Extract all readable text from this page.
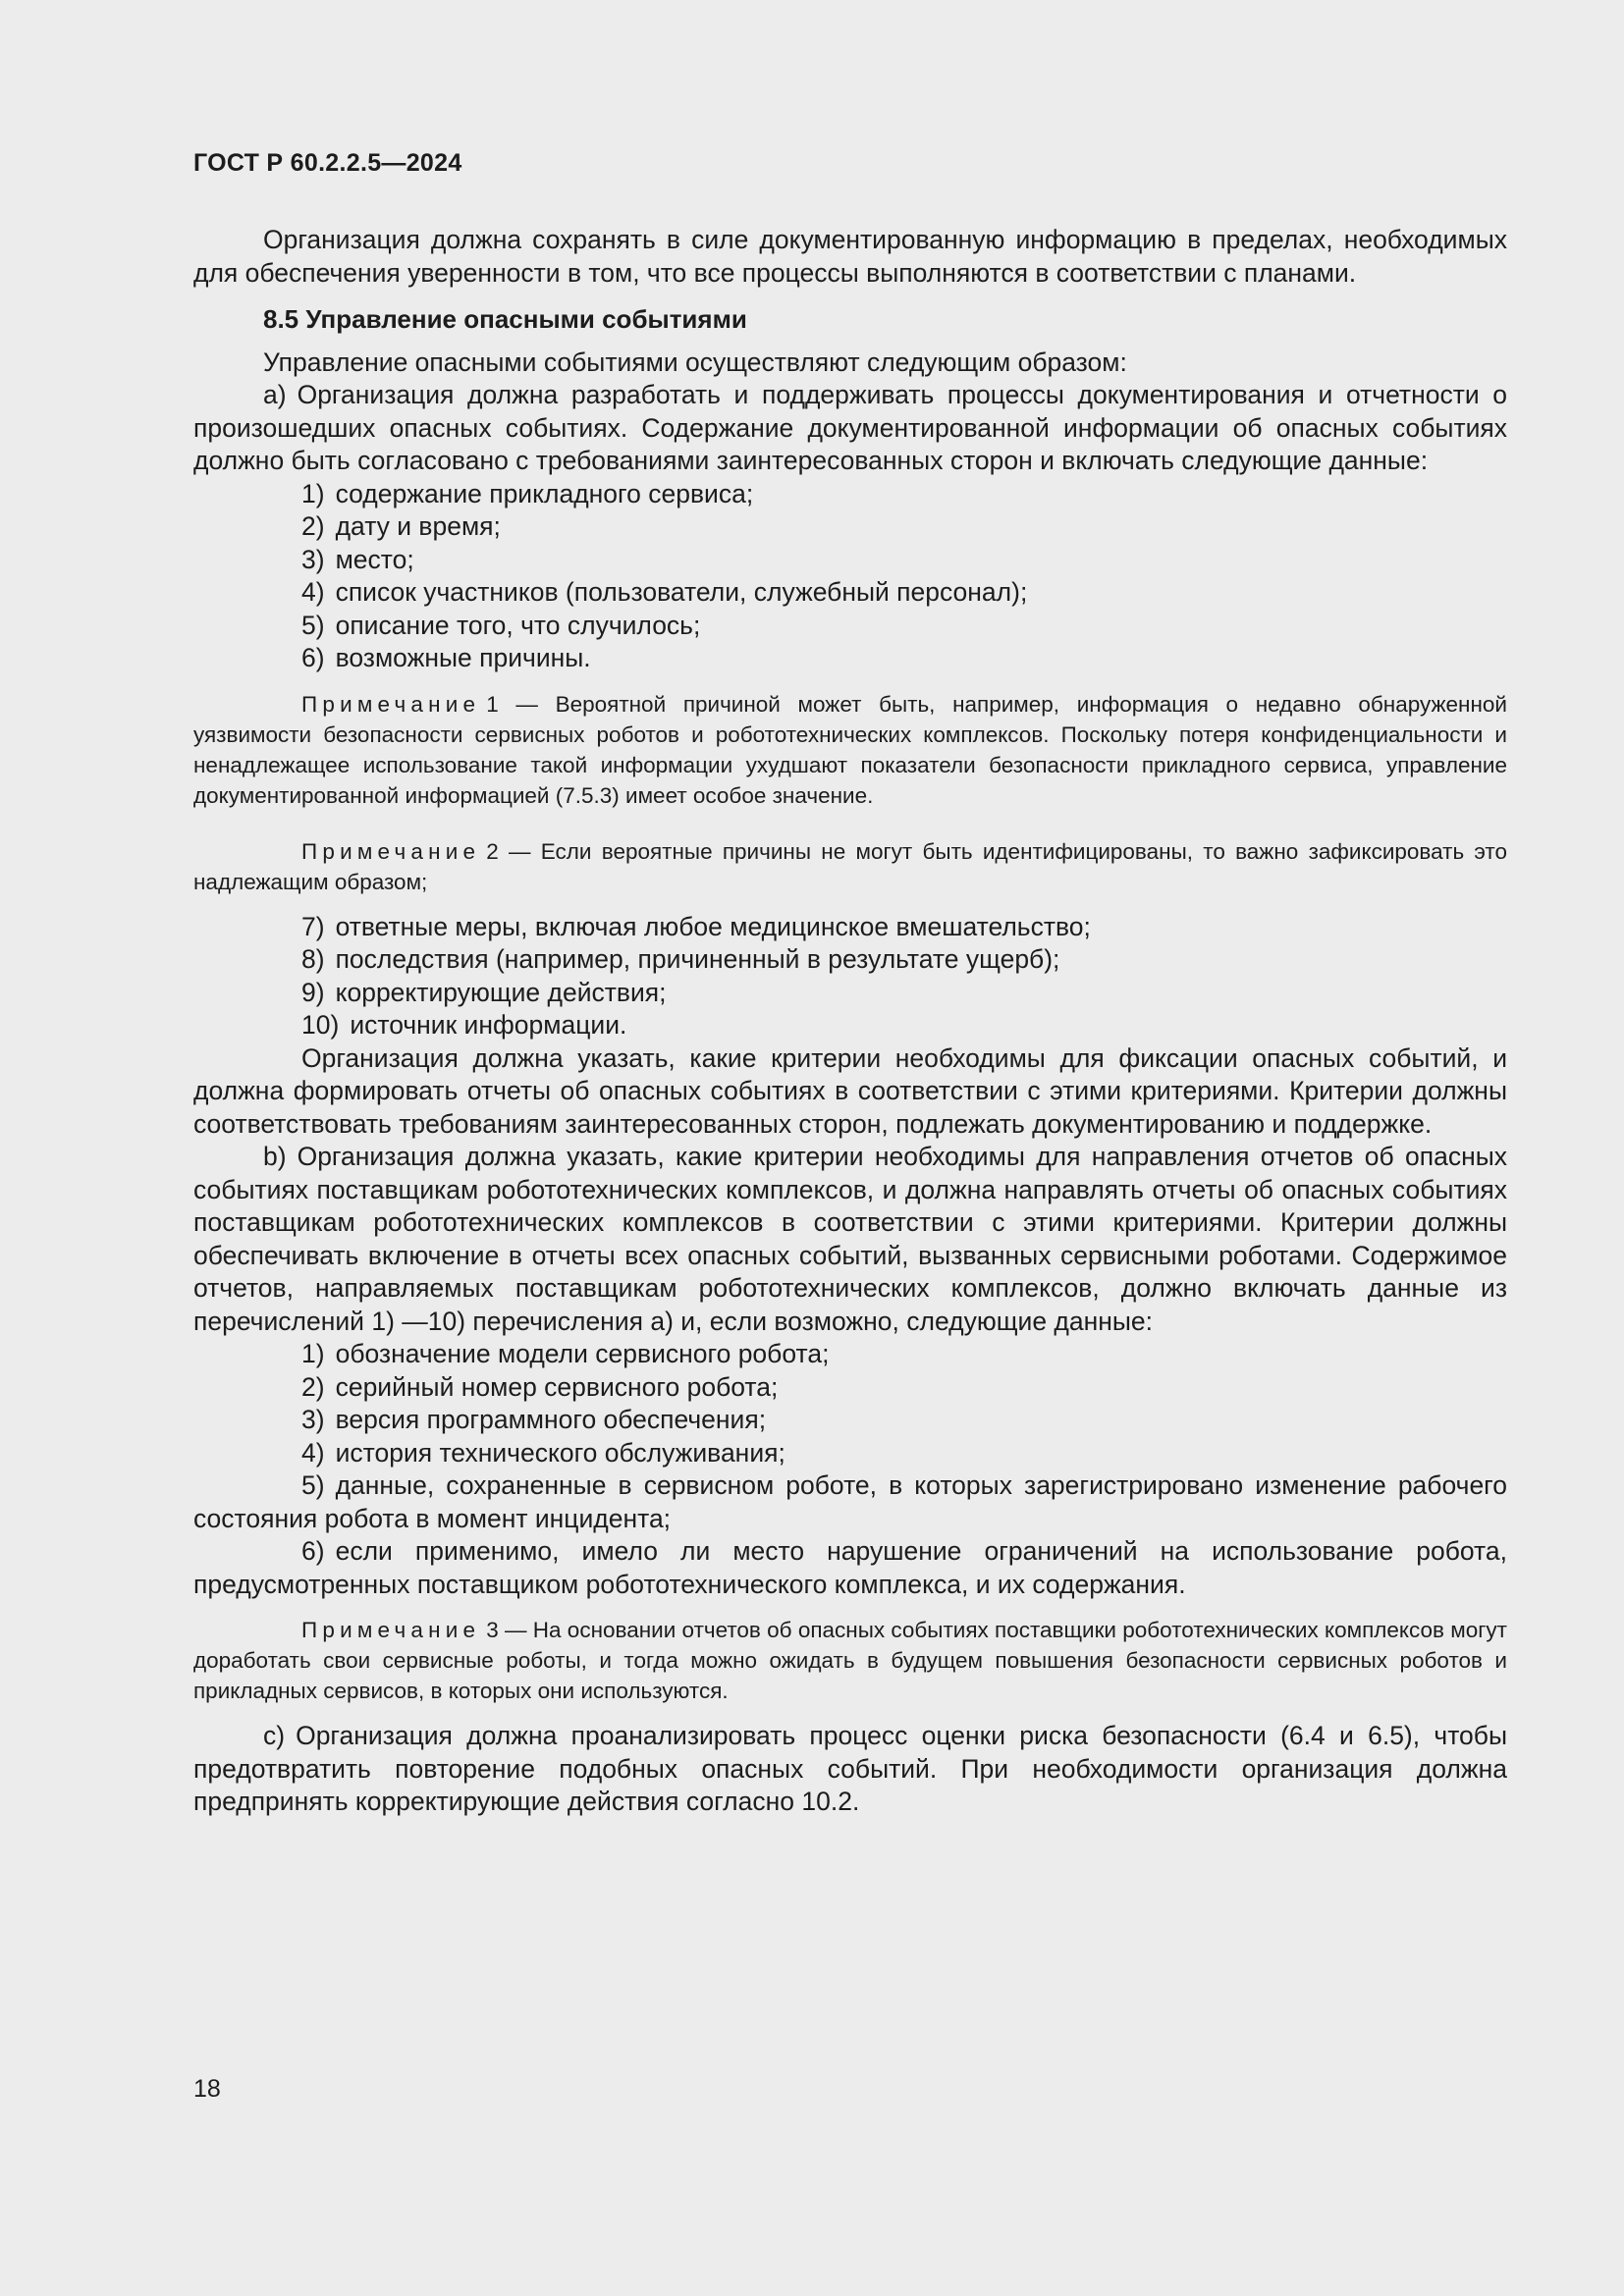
ГОСТ Р 60.2.2.5—2024

Организация должна сохранять в силе документированную информацию в пределах, необходимых для обеспечения уверенности в том, что все процессы выполняются в соответствии с планами.

8.5 Управление опасными событиями

Управление опасными событиями осуществляют следующим образом:

а) Организация должна разработать и поддерживать процессы документирования и отчетности о произошедших опасных событиях. Содержание документированной информации об опасных событиях должно быть согласовано с требованиями заинтересованных сторон и включать следующие данные:

1) содержание прикладного сервиса;

2) дату и время;

3) место;

4) список участников (пользователи, служебный персонал);

5) описание того, что случилось;

6) возможные причины.

Примечание 1 — Вероятной причиной может быть, например, информация о недавно обнаруженной уязвимости безопасности сервисных роботов и робототехнических комплексов. Поскольку потеря конфиденциальности и ненадлежащее использование такой информации ухудшают показатели безопасности прикладного сервиса, управление документированной информацией (7.5.3) имеет особое значение.

Примечание 2 — Если вероятные причины не могут быть идентифицированы, то важно зафиксировать это надлежащим образом;

7) ответные меры, включая любое медицинское вмешательство;

8) последствия (например, причиненный в результате ущерб);

9) корректирующие действия;

10) источник информации.

Организация должна указать, какие критерии необходимы для фиксации опасных событий, и должна формировать отчеты об опасных событиях в соответствии с этими критериями. Критерии должны соответствовать требованиям заинтересованных сторон, подлежать документированию и поддержке.

b) Организация должна указать, какие критерии необходимы для направления отчетов об опасных событиях поставщикам робототехнических комплексов, и должна направлять отчеты об опасных событиях поставщикам робототехнических комплексов в соответствии с этими критериями. Критерии должны обеспечивать включение в отчеты всех опасных событий, вызванных сервисными роботами. Содержимое отчетов, направляемых поставщикам робототехнических комплексов, должно включать данные из перечислений 1) —10) перечисления а) и, если возможно, следующие данные:

1) обозначение модели сервисного робота;

2) серийный номер сервисного робота;

3) версия программного обеспечения;

4) история технического обслуживания;

5) данные, сохраненные в сервисном роботе, в которых зарегистрировано изменение рабочего состояния робота в момент инцидента;

6) если применимо, имело ли место нарушение ограничений на использование робота, предусмотренных поставщиком робототехнического комплекса, и их содержания.

Примечание 3 — На основании отчетов об опасных событиях поставщики робототехнических комплексов могут доработать свои сервисные роботы, и тогда можно ожидать в будущем повышения безопасности сервисных роботов и прикладных сервисов, в которых они используются.

с) Организация должна проанализировать процесс оценки риска безопасности (6.4 и 6.5), чтобы предотвратить повторение подобных опасных событий. При необходимости организация должна предпринять корректирующие действия согласно 10.2.

18
